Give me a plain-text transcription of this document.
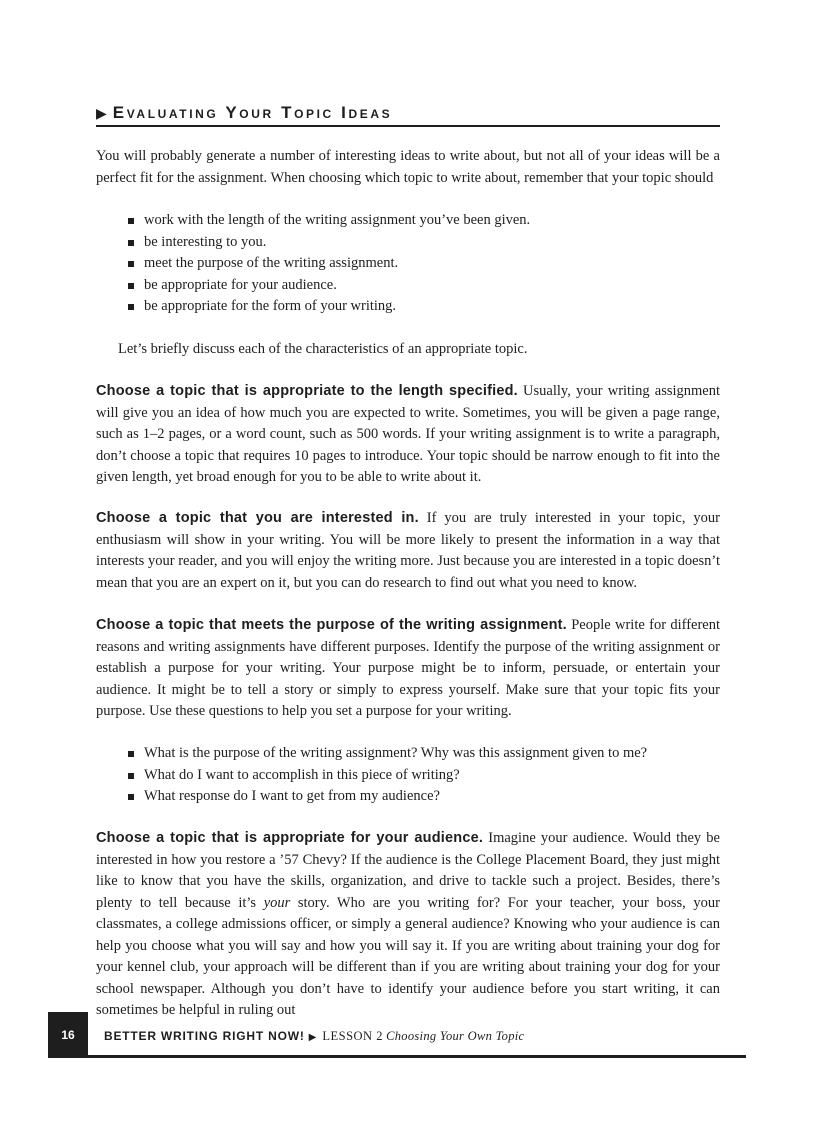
▶ Evaluating Your Topic Ideas

You will probably generate a number of interesting ideas to write about, but not all of your ideas will be a perfect fit for the assignment. When choosing which topic to write about, remember that your topic should

work with the length of the writing assignment you’ve been given.
be interesting to you.
meet the purpose of the writing assignment.
be appropriate for your audience.
be appropriate for the form of your writing.

Let’s briefly discuss each of the characteristics of an appropriate topic.

Choose a topic that is appropriate to the length specified. Usually, your writing assignment will give you an idea of how much you are expected to write. Sometimes, you will be given a page range, such as 1–2 pages, or a word count, such as 500 words. If your writing assignment is to write a paragraph, don’t choose a topic that requires 10 pages to introduce. Your topic should be narrow enough to fit into the given length, yet broad enough for you to be able to write about it.

Choose a topic that you are interested in. If you are truly interested in your topic, your enthusiasm will show in your writing. You will be more likely to present the information in a way that interests your reader, and you will enjoy the writing more. Just because you are interested in a topic doesn’t mean that you are an expert on it, but you can do research to find out what you need to know.

Choose a topic that meets the purpose of the writing assignment. People write for different reasons and writing assignments have different purposes. Identify the purpose of the writing assignment or establish a purpose for your writing. Your purpose might be to inform, persuade, or entertain your audience. It might be to tell a story or simply to express yourself. Make sure that your topic fits your purpose. Use these questions to help you set a purpose for your writing.

What is the purpose of the writing assignment? Why was this assignment given to me?
What do I want to accomplish in this piece of writing?
What response do I want to get from my audience?

Choose a topic that is appropriate for your audience. Imagine your audience. Would they be interested in how you restore a ’57 Chevy? If the audience is the College Placement Board, they just might like to know that you have the skills, organization, and drive to tackle such a project. Besides, there’s plenty to tell because it’s your story. Who are you writing for? For your teacher, your boss, your classmates, a college admissions officer, or simply a general audience? Knowing who your audience is can help you choose what you will say and how you will say it. If you are writing about training your dog for your kennel club, your approach will be different than if you are writing about training your dog for your school newspaper. Although you don’t have to identify your audience before you start writing, it can sometimes be helpful in ruling out

16	BETTER WRITING RIGHT NOW! ▶ LESSON 2 Choosing Your Own Topic
